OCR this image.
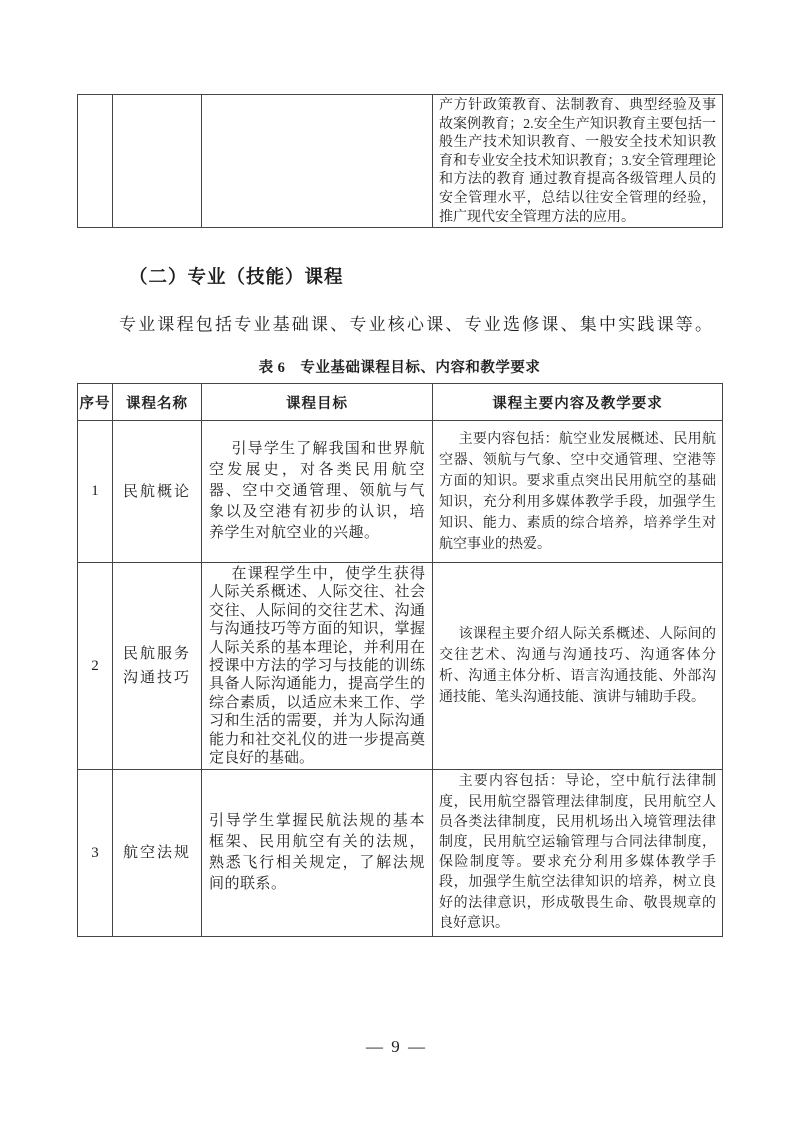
			产方针政策教育、法制教育、典型经验及事故案例教育；2.安全生产知识教育主要包括一般生产技术知识教育、一般安全技术知识教育和专业安全技术知识教育；3.安全管理理论和方法的教育 通过教育提高各级管理人员的安全管理水平，总结以往安全管理的经验，推广现代安全管理方法的应用。
（二）专业（技能）课程
专业课程包括专业基础课、专业核心课、专业选修课、集中实践课等。
表 6　专业基础课程目标、内容和教学要求
序号	课程名称	课程目标	课程主要内容及教学要求
1	民航概论	引导学生了解我国和世界航空发展史，对各类民用航空器、空中交通管理、领航与气象以及空港有初步的认识，培养学生对航空业的兴趣。	主要内容包括：航空业发展概述、民用航空器、领航与气象、空中交通管理、空港等方面的知识。要求重点突出民用航空的基础知识，充分利用多媒体教学手段，加强学生知识、能力、素质的综合培养，培养学生对航空事业的热爱。
2	民航服务沟通技巧	在课程学生中，使学生获得人际关系概述、人际交往、社会交往、人际间的交往艺术、沟通与沟通技巧等方面的知识，掌握人际关系的基本理论，并利用在授课中方法的学习与技能的训练具备人际沟通能力，提高学生的综合素质，以适应未来工作、学习和生活的需要，并为人际沟通能力和社交礼仪的进一步提高奠定良好的基础。	该课程主要介绍人际关系概述、人际间的交往艺术、沟通与沟通技巧、沟通客体分析、沟通主体分析、语言沟通技能、外部沟通技能、笔头沟通技能、演讲与辅助手段。
3	航空法规	引导学生掌握民航法规的基本框架、民用航空有关的法规，熟悉飞行相关规定，了解法规间的联系。	主要内容包括：导论，空中航行法律制度，民用航空器管理法律制度，民用航空人员各类法律制度，民用机场出入境管理法律制度，民用航空运输管理与合同法律制度，保险制度等。要求充分利用多媒体教学手段，加强学生航空法律知识的培养，树立良好的法律意识，形成敬畏生命、敬畏规章的良好意识。
— 9 —
